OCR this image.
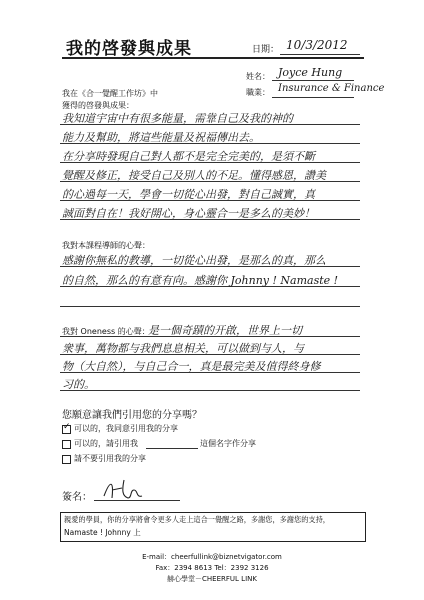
我的啓發與成果	日期： 10/3/2012
姓名： Joyce Hung
職業： Insurance & Finance
我在《合一覺醒工作坊》中
獲得的啓發與成果：
我知道宇宙中有很多能量，需靠自己及我的神的
能力及幫助，將這些能量及祝福傳出去。
在分享時發現自己對人都不是完全完美的，是須不斷
覺醒及修正，接受自己及別人的不足。懂得感恩，讚美
的心過每一天，學會一切從心出發，對自己誠實，真
誠面對自在！我好開心，身心靈合一是多么的美妙！
我對本課程導師的心聲：
感謝你無私的教導，一切從心出發，是那么的真，那么
的自然，那么的有意有向。感謝你 Johnny ! Namaste !
我對 Oneness 的心聲：
是一個奇蹟的开啟，世界上一切
衆事，萬物都与我們息息相关，可以做到与人，与
物（大自然），与自己合一，真是最完美及值得終身修
习的。
您願意讓我們引用您的分享嗎？
✓
可以的，我同意引用我的分享
可以的，請引用我	這個名字作分享
請不要引用我的分享
簽名：
親愛的學員，你的分享將會令更多人走上這合一覺醒之路，多謝您，多謝您的支持，
Namaste ! Johnny 上
E-mail：cheerfullink@biznetvigator.com
Fax：2394 8613 Tel：2392 3126
赫心學堂－CHEERFUL LINK
